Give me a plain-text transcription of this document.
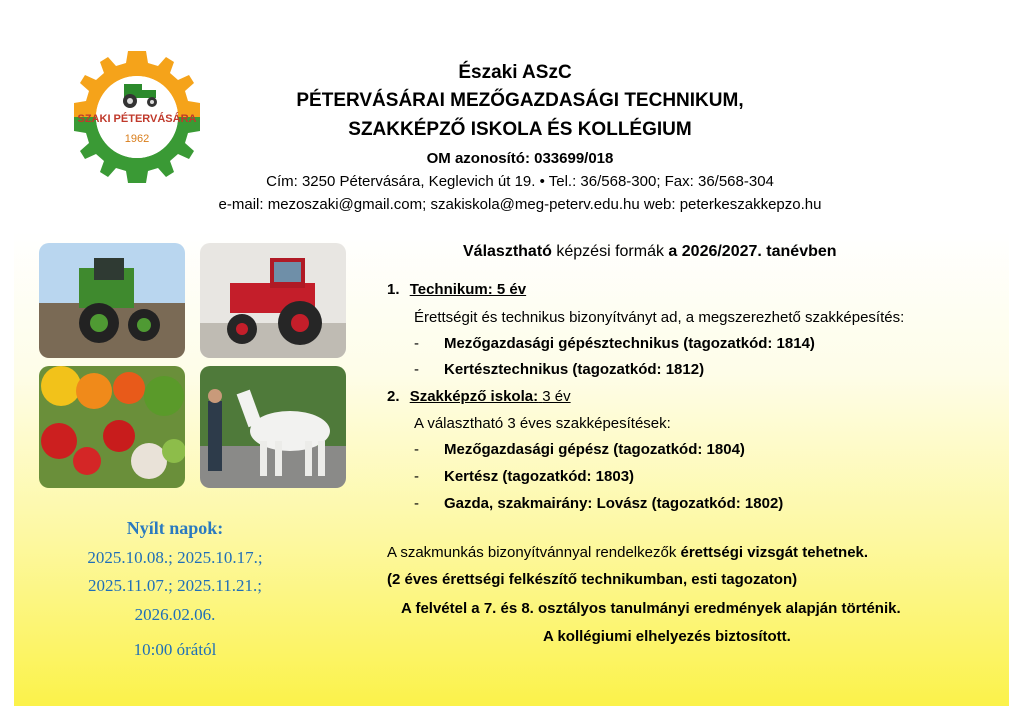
SZAKI PÉTERVÁSÁRA
1962
Északi ASzC
PÉTERVÁSÁRAI MEZŐGAZDASÁGI TECHNIKUM,
SZAKKÉPZŐ ISKOLA ÉS KOLLÉGIUM
OM azonosító: 033699/018
Cím: 3250 Pétervására, Keglevich út 19. • Tel.: 36/568-300; Fax: 36/568-304
e-mail: mezoszaki@gmail.com; szakiskola@meg-peterv.edu.hu web: peterkeszakkepzo.hu
Nyílt napok:
2025.10.08.; 2025.10.17.;
2025.11.07.; 2025.11.21.;
2026.02.06.
10:00 órától
Választható képzési formák a 2026/2027. tanévben
1. Technikum: 5 év
Érettségit és technikus bizonyítványt ad, a megszerezhető szakképesítés:
- Mezőgazdasági gépésztechnikus (tagozatkód: 1814)
- Kertésztechnikus (tagozatkód: 1812)
2. Szakképző iskola: 3 év
A választható 3 éves szakképesítések:
- Mezőgazdasági gépész (tagozatkód: 1804)
- Kertész (tagozatkód: 1803)
- Gazda, szakmairány: Lovász (tagozatkód: 1802)
A szakmunkás bizonyítvánnyal rendelkezők érettségi vizsgát tehetnek.
(2 éves érettségi felkészítő technikumban, esti tagozaton)
A felvétel a 7. és 8. osztályos tanulmányi eredmények alapján történik.
A kollégiumi elhelyezés biztosított.
